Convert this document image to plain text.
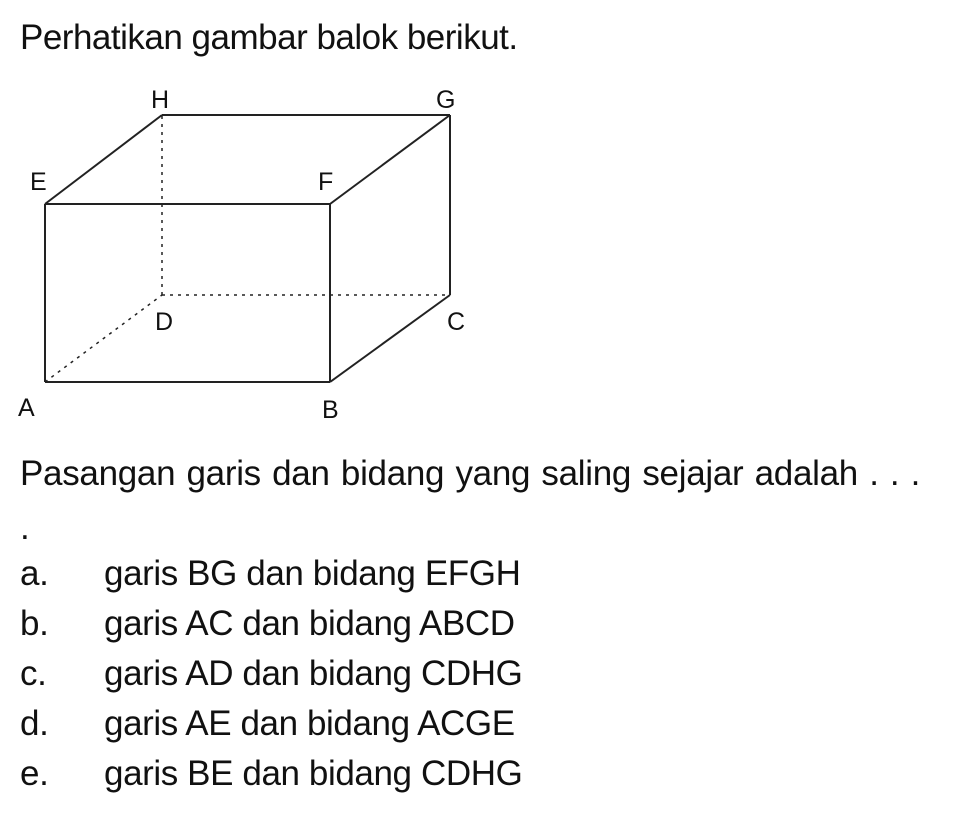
Perhatikan gambar balok berikut.
H	G
E	F
D	C
A	B

Pasangan garis dan bidang yang saling sejajar adalah . . . .

a.	garis BG dan bidang EFGH
b.	garis AC dan bidang ABCD
c.	garis AD dan bidang CDHG
d.	garis AE dan bidang ACGE
e.	garis BE dan bidang CDHG
